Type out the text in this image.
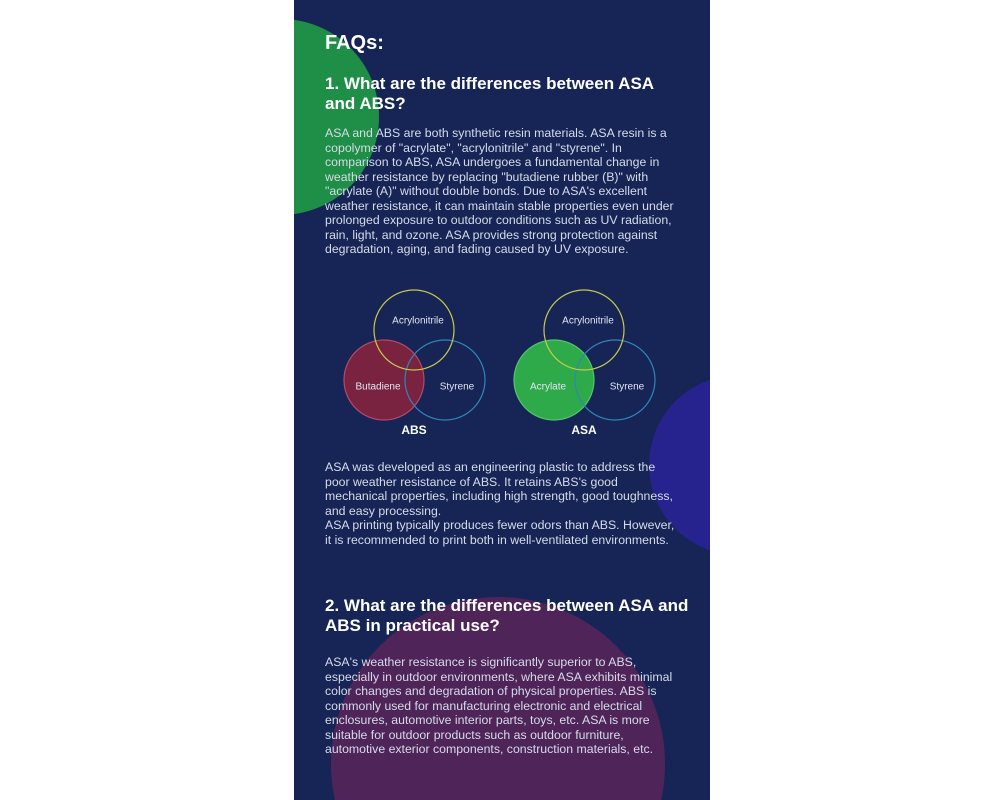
FAQs:
1. What are the differences between ASA and ABS?

ASA and ABS are both synthetic resin materials. ASA resin is a copolymer of "acrylate", "acrylonitrile" and "styrene". In comparison to ABS, ASA undergoes a fundamental change in weather resistance by replacing "butadiene rubber (B)" with "acrylate (A)" without double bonds. Due to ASA's excellent weather resistance, it can maintain stable properties even under prolonged exposure to outdoor conditions such as UV radiation, rain, light, and ozone. ASA provides strong protection against degradation, aging, and fading caused by UV exposure.

Acrylonitrile
Butadiene	Styrene
ABS
Acrylonitrile
Acrylate	Styrene
ASA
ASA was developed as an engineering plastic to address the poor weather resistance of ABS. It retains ABS's good mechanical properties, including high strength, good toughness, and easy processing.
ASA printing typically produces fewer odors than ABS. However, it is recommended to print both in well-ventilated environments.
2. What are the differences between ASA and ABS in practical use?

ASA's weather resistance is significantly superior to ABS, especially in outdoor environments, where ASA exhibits minimal color changes and degradation of physical properties. ABS is commonly used for manufacturing electronic and electrical enclosures, automotive interior parts, toys, etc. ASA is more suitable for outdoor products such as outdoor furniture, automotive exterior components, construction materials, etc.
